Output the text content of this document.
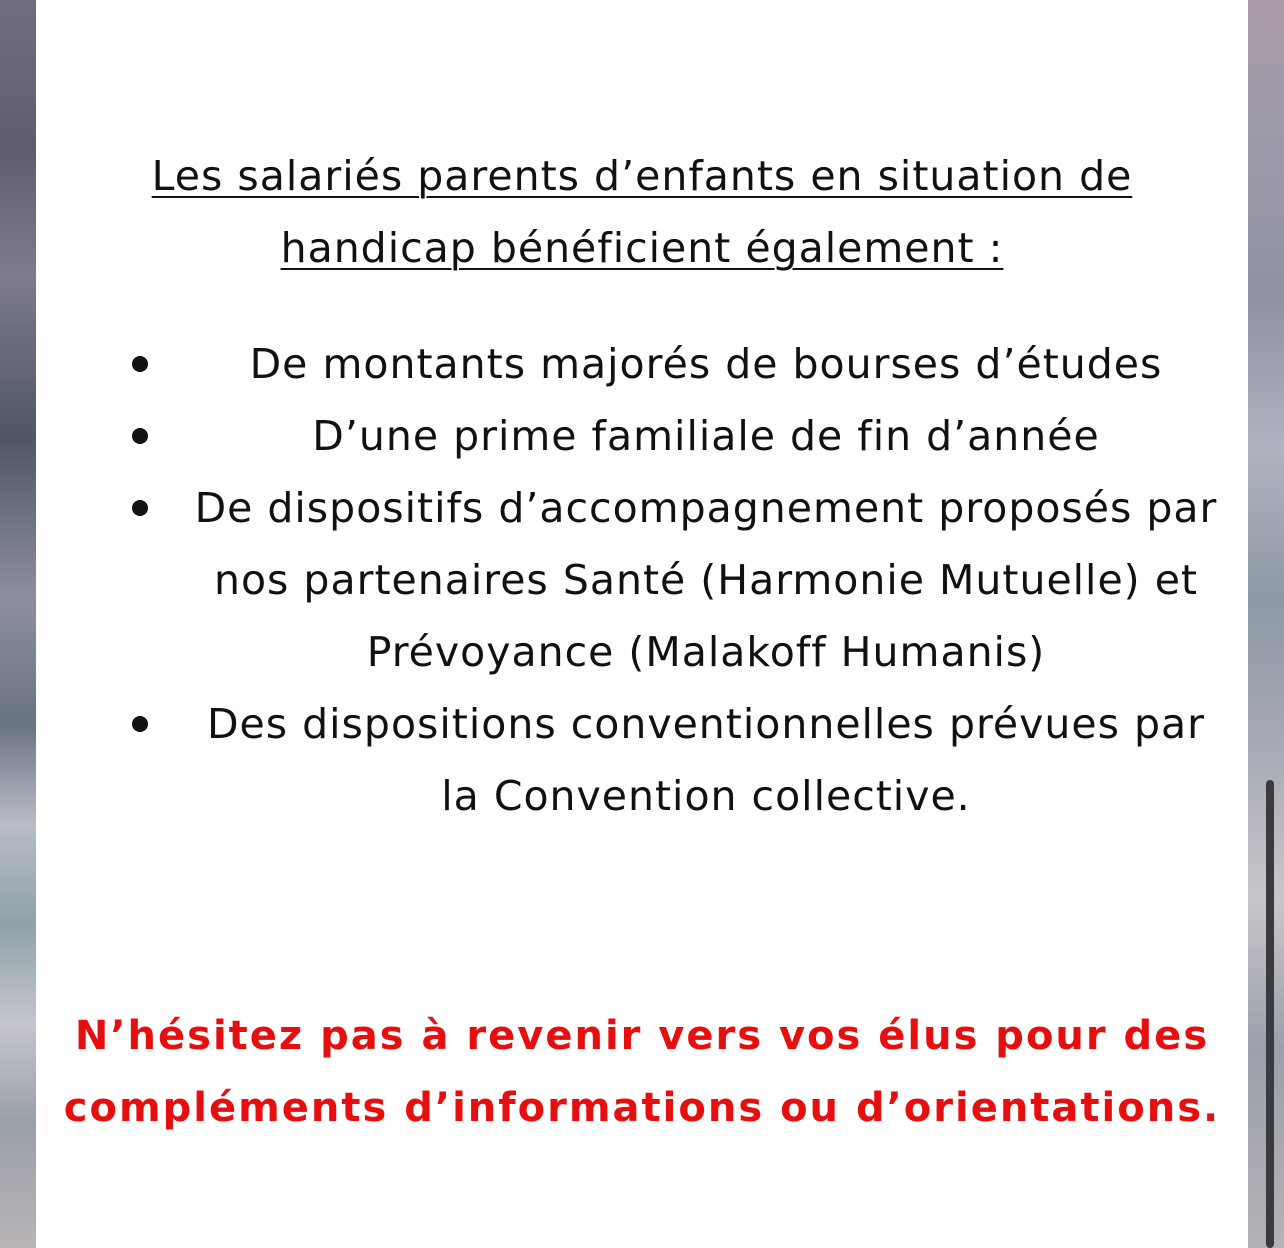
Les salariés parents d’enfants en situation de
handicap bénéficient également :
De montants majorés de bourses d’études
D’une prime familiale de fin d’année
De dispositifs d’accompagnement proposés par nos partenaires Santé (Harmonie Mutuelle) et Prévoyance (Malakoff Humanis)
Des dispositions conventionnelles prévues par la Convention collective.
N’hésitez pas à revenir vers vos élus pour des
compléments d’informations ou d’orientations.
